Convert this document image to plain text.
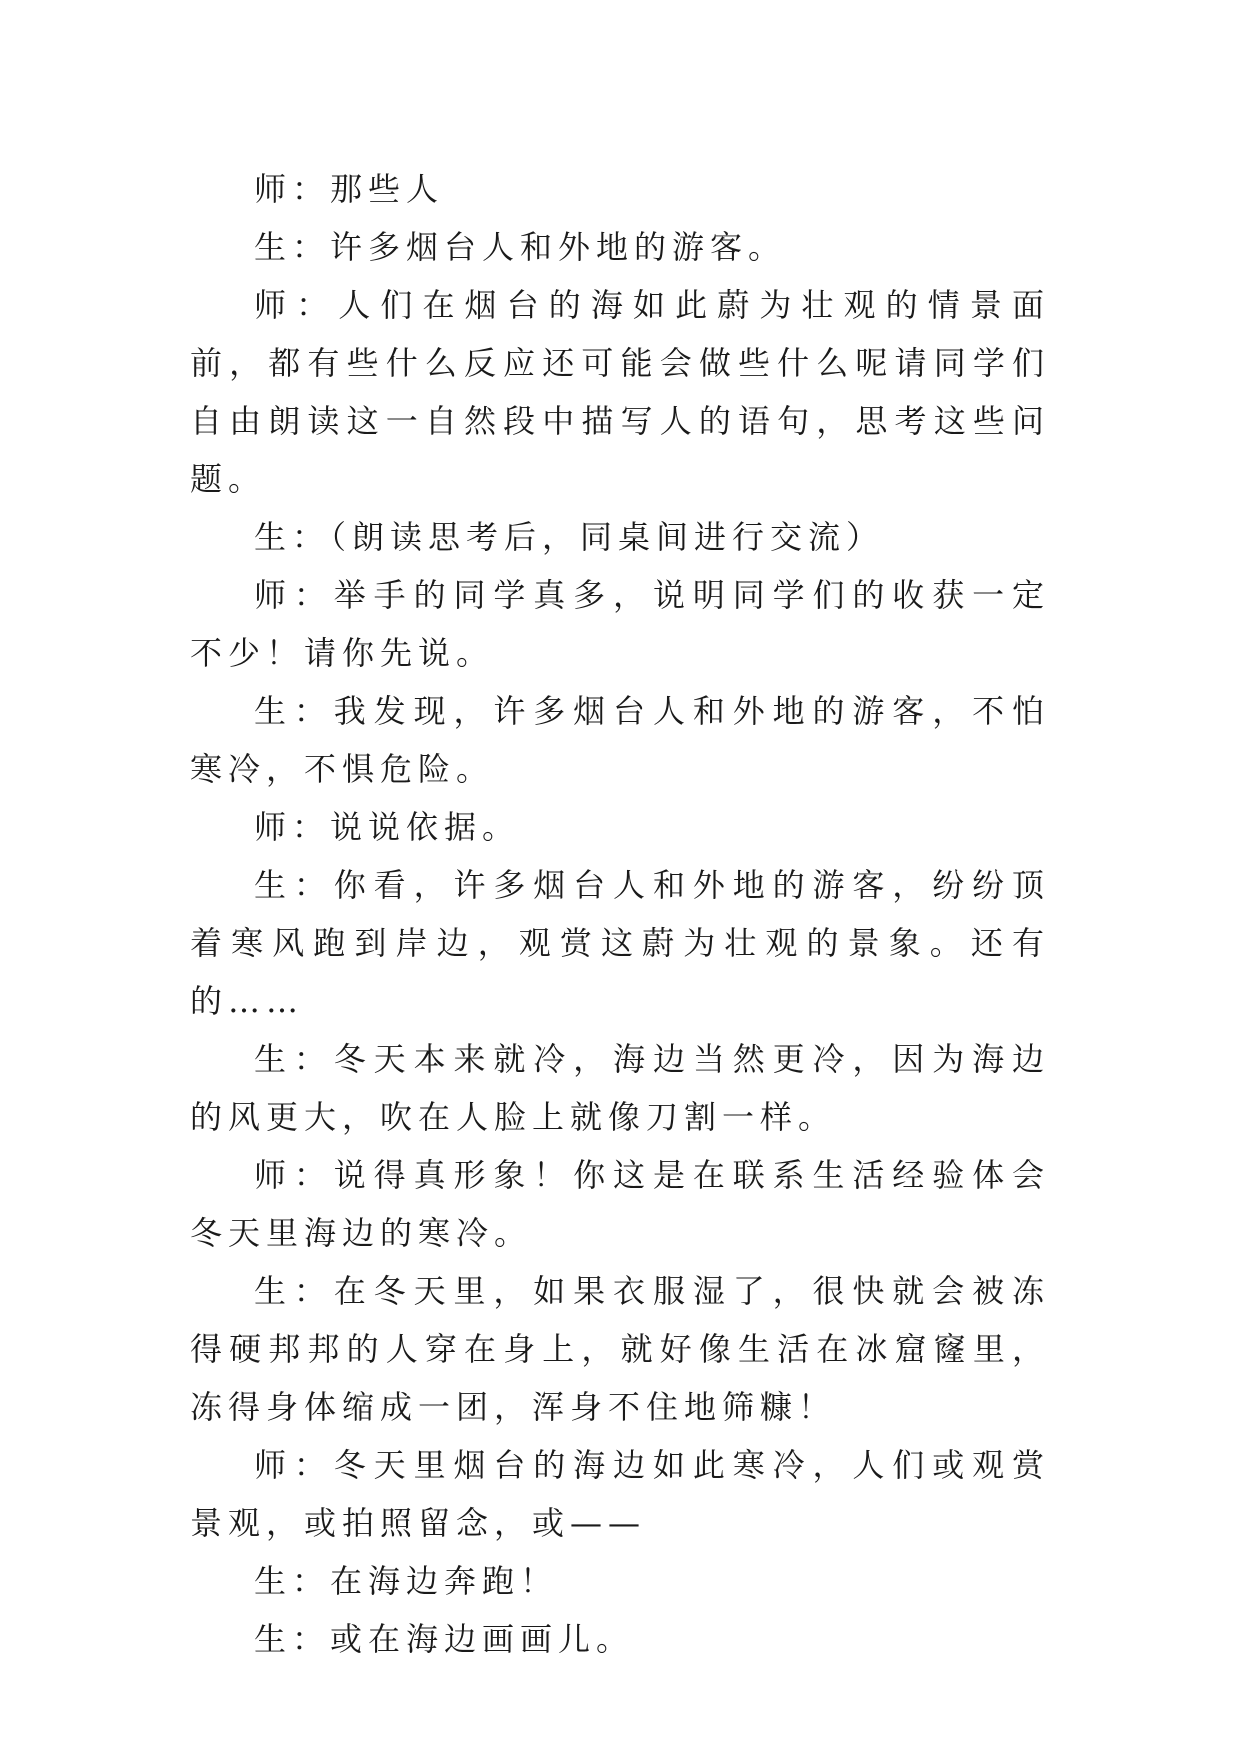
师：那些人

生：许多烟台人和外地的游客。

师：人们在烟台的海如此蔚为壮观的情景面前，都有些什么反应还可能会做些什么呢请同学们自由朗读这一自然段中描写人的语句，思考这些问题。

生：（朗读思考后，同桌间进行交流）

师：举手的同学真多，说明同学们的收获一定不少！请你先说。

生：我发现，许多烟台人和外地的游客，不怕寒冷，不惧危险。

师：说说依据。

生：你看，许多烟台人和外地的游客，纷纷顶着寒风跑到岸边，观赏这蔚为壮观的景象。还有的……

生：冬天本来就冷，海边当然更冷，因为海边的风更大，吹在人脸上就像刀割一样。

师：说得真形象！你这是在联系生活经验体会冬天里海边的寒冷。

生：在冬天里，如果衣服湿了，很快就会被冻得硬邦邦的人穿在身上，就好像生活在冰窟窿里，冻得身体缩成一团，浑身不住地筛糠！

师：冬天里烟台的海边如此寒冷，人们或观赏景观，或拍照留念，或——

生：在海边奔跑！

生：或在海边画画儿。
